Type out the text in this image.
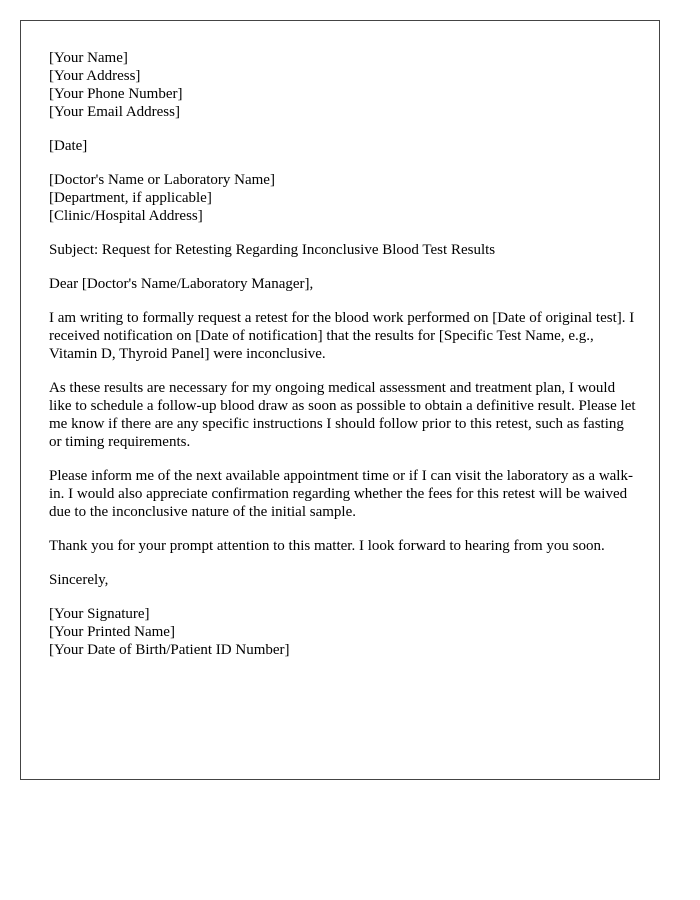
[Your Name]
[Your Address]
[Your Phone Number]
[Your Email Address]
[Date]
[Doctor's Name or Laboratory Name]
[Department, if applicable]
[Clinic/Hospital Address]

Subject: Request for Retesting Regarding Inconclusive Blood Test Results

Dear [Doctor's Name/Laboratory Manager],

I am writing to formally request a retest for the blood work performed on [Date of original test]. I received notification on [Date of notification] that the results for [Specific Test Name, e.g., Vitamin D, Thyroid Panel] were inconclusive.

As these results are necessary for my ongoing medical assessment and treatment plan, I would like to schedule a follow-up blood draw as soon as possible to obtain a definitive result. Please let me know if there are any specific instructions I should follow prior to this retest, such as fasting or timing requirements.

Please inform me of the next available appointment time or if I can visit the laboratory as a walk-in. I would also appreciate confirmation regarding whether the fees for this retest will be waived due to the inconclusive nature of the initial sample.

Thank you for your prompt attention to this matter. I look forward to hearing from you soon.

Sincerely,

[Your Signature]
[Your Printed Name]
[Your Date of Birth/Patient ID Number]
